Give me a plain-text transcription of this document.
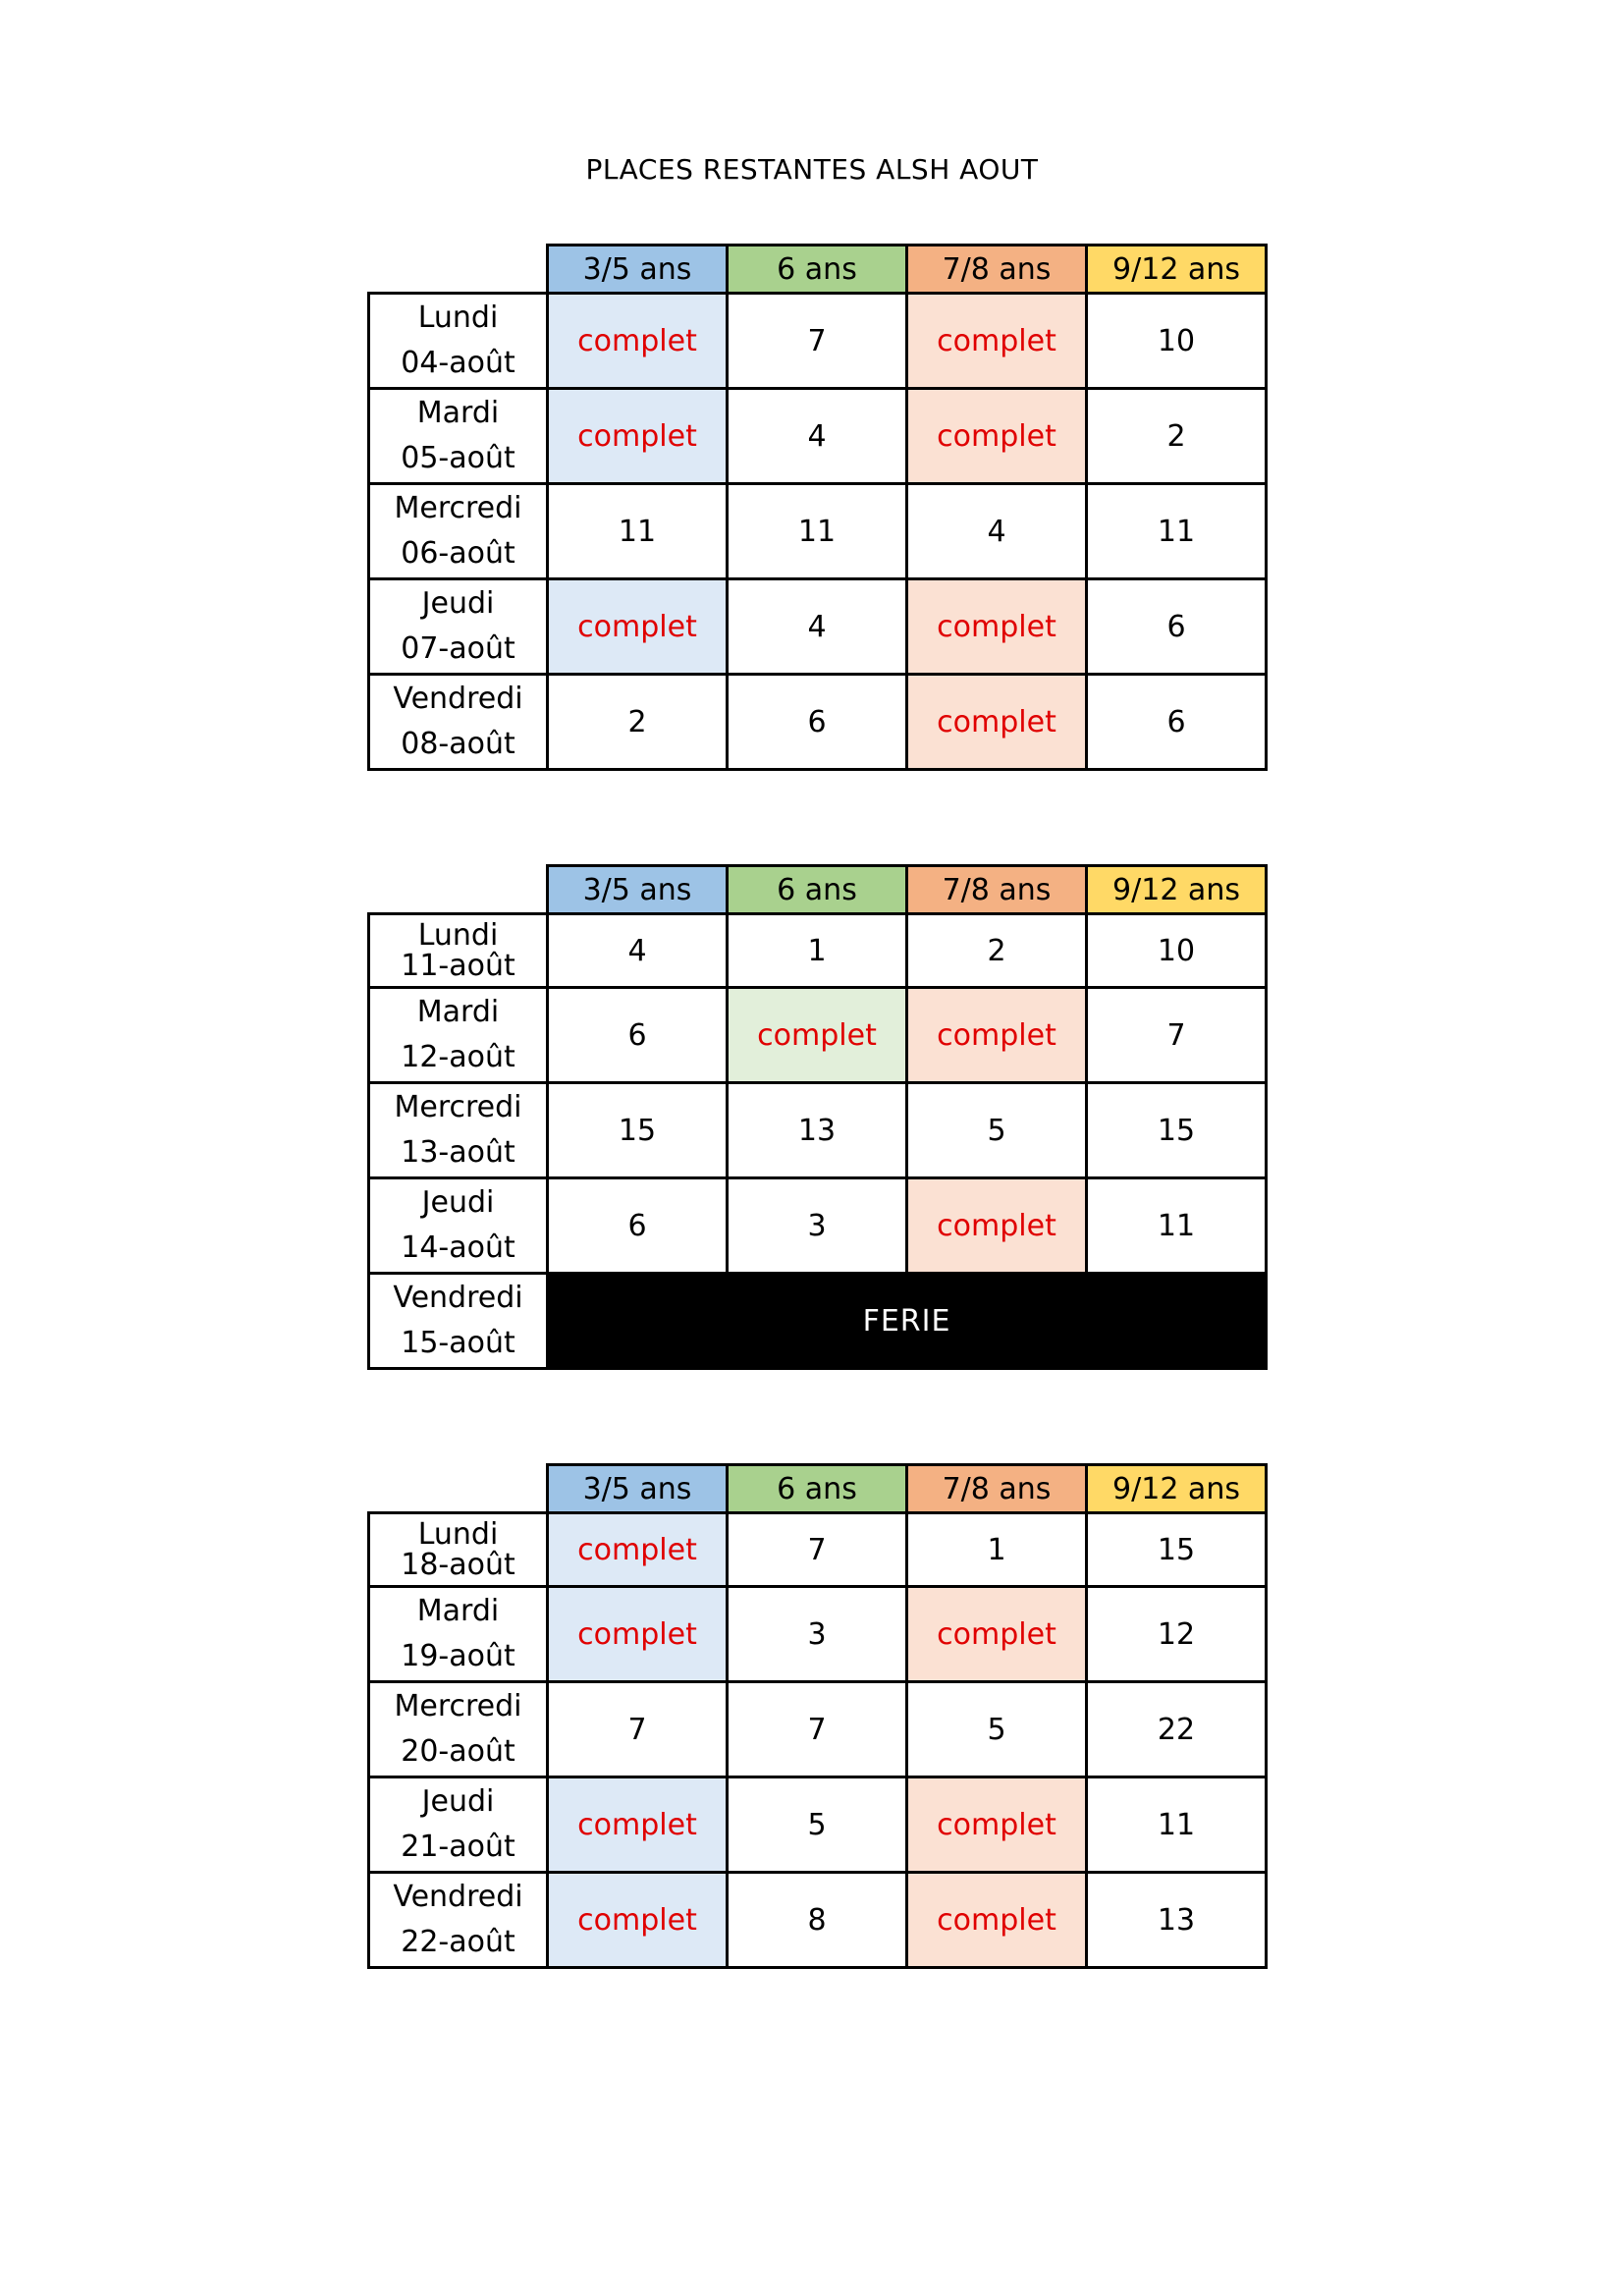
PLACES RESTANTES ALSH AOUT
	3/5 ans	6 ans	7/8 ans	9/12 ans

Lundi
04-août	complet	7	complet	10

Mardi
05-août	complet	4	complet	2

Mercredi
06-août	11	11	4	11

Jeudi
07-août	complet	4	complet	6

Vendredi
08-août	2	6	complet	6
	3/5 ans	6 ans	7/8 ans	9/12 ans

Lundi
11-août	4	1	2	10

Mardi
12-août	6	complet	complet	7

Mercredi
13-août	15	13	5	15

Jeudi
14-août	6	3	complet	11

Vendredi
15-août	FERIE			
	3/5 ans	6 ans	7/8 ans	9/12 ans

Lundi
18-août	complet	7	1	15

Mardi
19-août	complet	3	complet	12

Mercredi
20-août	7	7	5	22

Jeudi
21-août	complet	5	complet	11

Vendredi
22-août	complet	8	complet	13
